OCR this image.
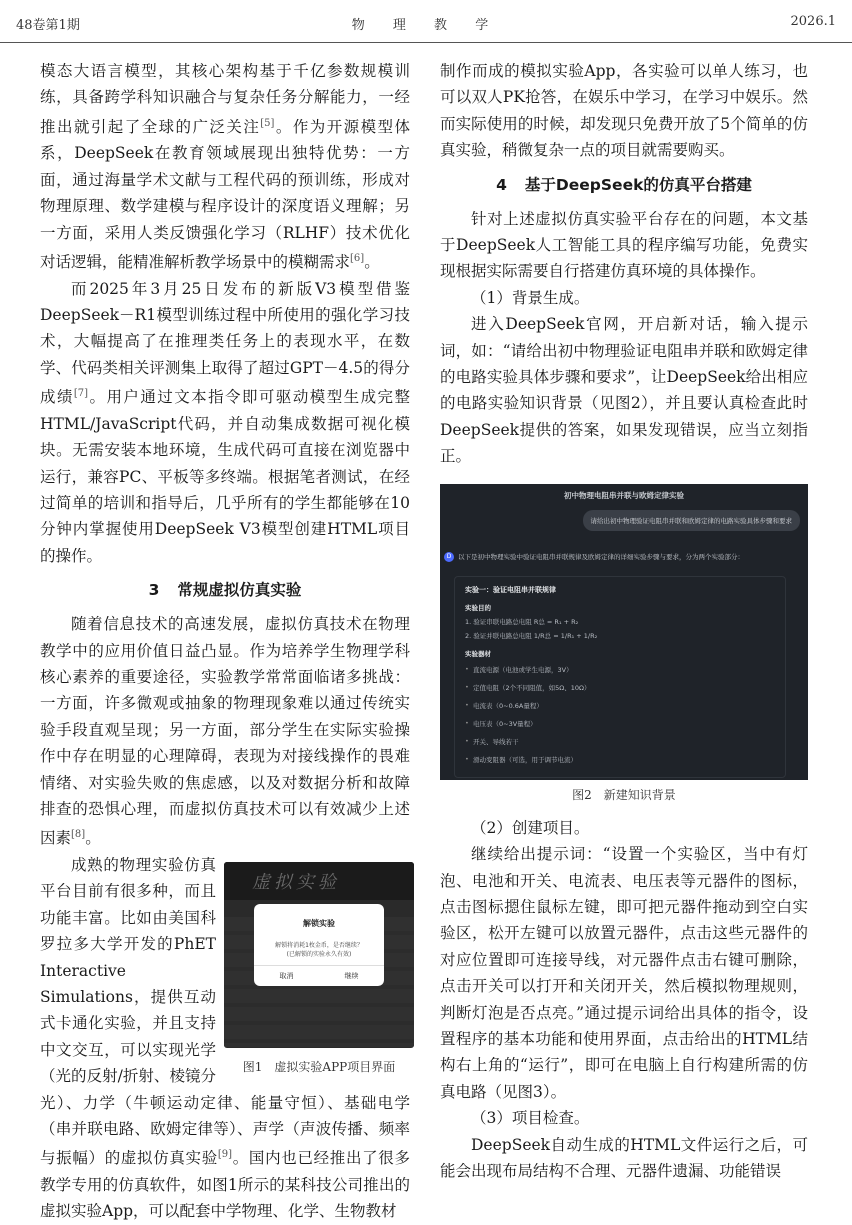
48卷第1期	物 理 教 学	2026.1

模态大语言模型，其核心架构基于千亿参数规模训练，具备跨学科知识融合与复杂任务分解能力，一经推出就引起了全球的广泛关注[5]。作为开源模型体系，DeepSeek在教育领域展现出独特优势：一方面，通过海量学术文献与工程代码的预训练，形成对物理原理、数学建模与程序设计的深度语义理解；另一方面，采用人类反馈强化学习（RLHF）技术优化对话逻辑，能精准解析教学场景中的模糊需求[6]。

而2025年3月25日发布的新版V3模型借鉴DeepSeek－R1模型训练过程中所使用的强化学习技术，大幅提高了在推理类任务上的表现水平，在数学、代码类相关评测集上取得了超过GPT－4.5的得分成绩[7]。用户通过文本指令即可驱动模型生成完整HTML/JavaScript代码，并自动集成数据可视化模块。无需安装本地环境，生成代码可直接在浏览器中运行，兼容PC、平板等多终端。根据笔者测试，在经过简单的培训和指导后，几乎所有的学生都能够在10分钟内掌握使用DeepSeek V3模型创建HTML项目的操作。

3 常规虚拟仿真实验

随着信息技术的高速发展，虚拟仿真技术在物理教学中的应用价值日益凸显。作为培养学生物理学科核心素养的重要途径，实验教学常常面临诸多挑战：一方面，许多微观或抽象的物理现象难以通过传统实验手段直观呈现；另一方面，部分学生在实际实验操作中存在明显的心理障碍，表现为对接线操作的畏难情绪、对实验失败的焦虑感，以及对数据分析和故障排查的恐惧心理，而虚拟仿真技术可以有效减少上述因素[8]。

虚拟实验
解锁实验
解锁将消耗1枚金币，是否继续？
(已解锁的实验永久有效)
取消	继续
图1　虚拟实验APP项目界面
成熟的物理实验仿真平台目前有很多种，而且功能丰富。比如由美国科罗拉多大学开发的PhET Interactive Simulations，提供互动式卡通化实验，并且支持中文交互，可以实现光学（光的反射/折射、棱镜分光）、力学（牛顿运动定律、能量守恒）、基础电学（串并联电路、欧姆定律等）、声学（声波传播、频率与振幅）的虚拟仿真实验[9]。国内也已经推出了很多教学专用的仿真软件，如图1所示的某科技公司推出的虚拟实验App，可以配套中学物理、化学、生物教材

制作而成的模拟实验App，各实验可以单人练习，也可以双人PK抢答，在娱乐中学习，在学习中娱乐。然而实际使用的时候，却发现只免费开放了5个简单的仿真实验，稍微复杂一点的项目就需要购买。

4 基于DeepSeek的仿真平台搭建

针对上述虚拟仿真实验平台存在的问题，本文基于DeepSeek人工智能工具的程序编写功能，免费实现根据实际需要自行搭建仿真环境的具体操作。

（1）背景生成。

进入DeepSeek官网，开启新对话，输入提示词，如：“请给出初中物理验证电阻串并联和欧姆定律的电路实验具体步骤和要求”，让DeepSeek给出相应的电路实验知识背景（见图2），并且要认真检查此时DeepSeek提供的答案，如果发现错误，应当立刻指正。

初中物理电阻串并联与欧姆定律实验
请给出初中物理验证电阻串并联和欧姆定律的电路实验具体步骤和要求
D	以下是初中物理实验中验证电阻串并联规律及欧姆定律的详细实验步骤与要求，分为两个实验部分：
实验一：验证电阻串并联规律
实验目的
1. 验证串联电路总电阻 R总 = R₁ + R₂
2. 验证并联电路总电阻 1/R总 = 1/R₁ + 1/R₂
实验器材
• 直流电源（电池或学生电源，3V）
• 定值电阻（2个不同阻值，如5Ω、10Ω）
• 电流表（0~0.6A量程）
• 电压表（0~3V量程）
• 开关、导线若干
• 滑动变阻器（可选，用于调节电流）
图2　新建知识背景

（2）创建项目。

继续给出提示词：“设置一个实验区，当中有灯泡、电池和开关、电流表、电压表等元器件的图标，点击图标摁住鼠标左键，即可把元器件拖动到空白实验区，松开左键可以放置元器件，点击这些元器件的对应位置即可连接导线，对元器件点击右键可删除，点击开关可以打开和关闭开关，然后模拟物理规则，判断灯泡是否点亮。”通过提示词给出具体的指令，设置程序的基本功能和使用界面，点击给出的HTML结构右上角的“运行”，即可在电脑上自行构建所需的仿真电路（见图3）。

（3）项目检查。

DeepSeek自动生成的HTML文件运行之后，可能会出现布局结构不合理、元器件遗漏、功能错误
